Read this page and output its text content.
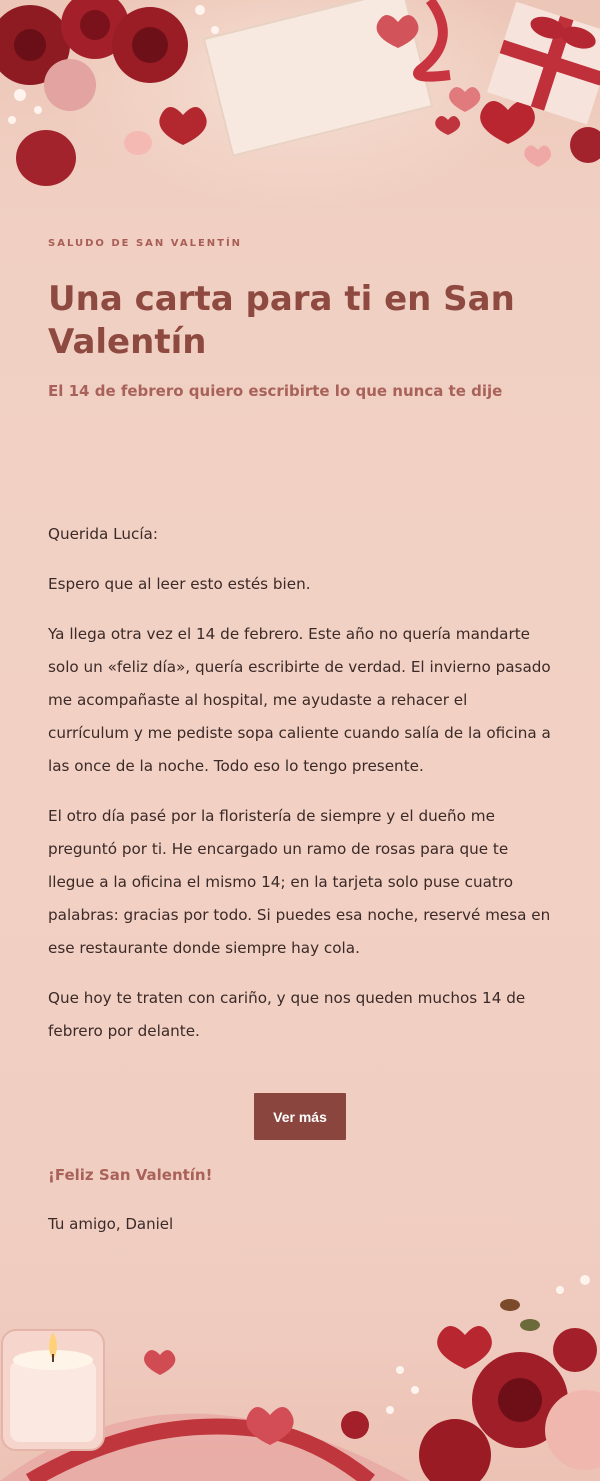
SALUDO DE SAN VALENTÍN
Una carta para ti en San Valentín
El 14 de febrero quiero escribirte lo que nunca te dije

Querida Lucía:

Espero que al leer esto estés bien.

Ya llega otra vez el 14 de febrero. Este año no quería mandarte solo un «feliz día», quería escribirte de verdad. El invierno pasado me acompañaste al hospital, me ayudaste a rehacer el currículum y me pediste sopa caliente cuando salía de la oficina a las once de la noche. Todo eso lo tengo presente.

El otro día pasé por la floristería de siempre y el dueño me preguntó por ti. He encargado un ramo de rosas para que te llegue a la oficina el mismo 14; en la tarjeta solo puse cuatro palabras: gracias por todo. Si puedes esa noche, reservé mesa en ese restaurante donde siempre hay cola.

Que hoy te traten con cariño, y que nos queden muchos 14 de febrero por delante.

Ver más
¡Feliz San Valentín!
Tu amigo, Daniel
